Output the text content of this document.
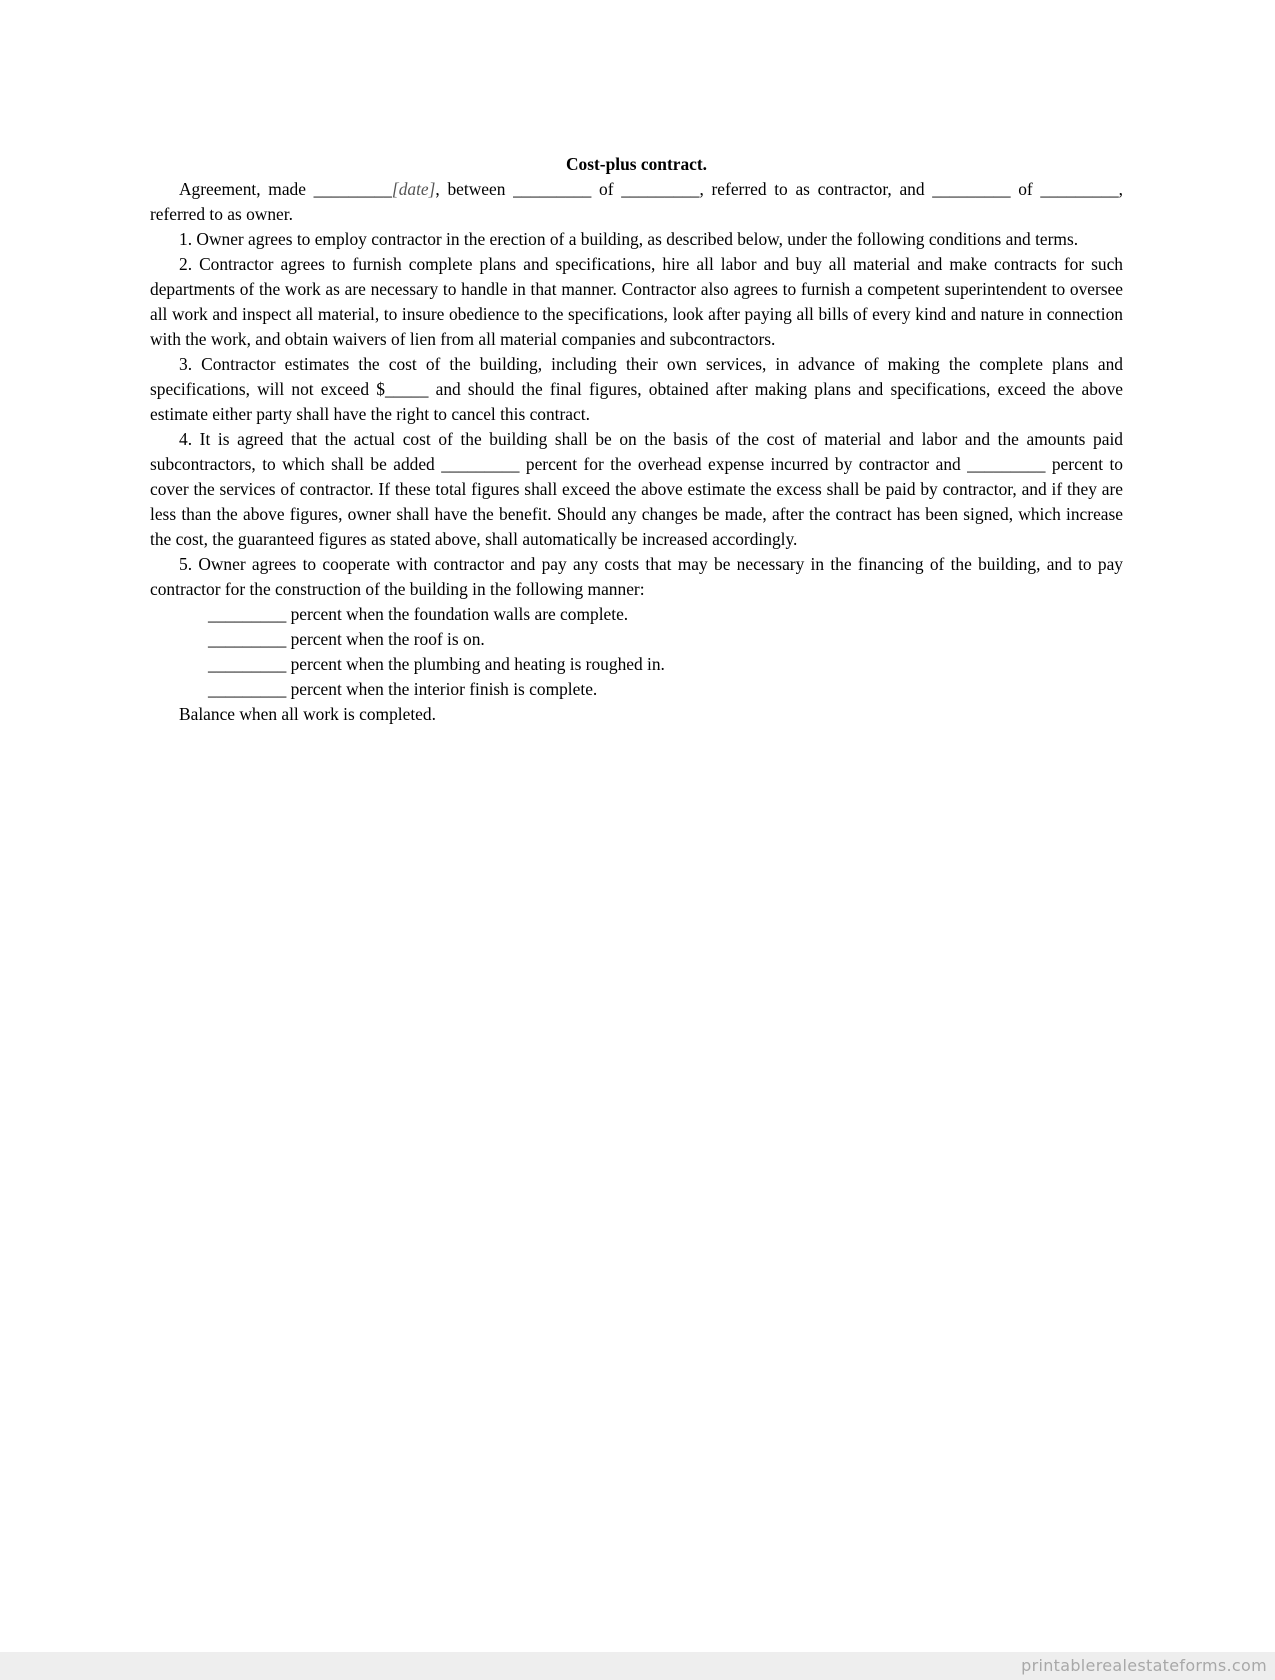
Cost-plus contract.

Agreement, made _________[date], between _________ of _________, referred to as contractor, and _________ of _________, referred to as owner.

1. Owner agrees to employ contractor in the erection of a building, as described below, under the following conditions and terms.

2. Contractor agrees to furnish complete plans and specifications, hire all labor and buy all material and make contracts for such departments of the work as are necessary to handle in that manner. Contractor also agrees to furnish a competent superintendent to oversee all work and inspect all material, to insure obedience to the specifications, look after paying all bills of every kind and nature in connection with the work, and obtain waivers of lien from all material companies and subcontractors.

3. Contractor estimates the cost of the building, including their own services, in advance of making the complete plans and specifications, will not exceed $_____ and should the final figures, obtained after making plans and specifications, exceed the above estimate either party shall have the right to cancel this contract.

4. It is agreed that the actual cost of the building shall be on the basis of the cost of material and labor and the amounts paid subcontractors, to which shall be added _________ percent for the overhead expense incurred by contractor and _________ percent to cover the services of contractor. If these total figures shall exceed the above estimate the excess shall be paid by contractor, and if they are less than the above figures, owner shall have the benefit. Should any changes be made, after the contract has been signed, which increase the cost, the guaranteed figures as stated above, shall automatically be increased accordingly.

5. Owner agrees to cooperate with contractor and pay any costs that may be necessary in the financing of the building, and to pay contractor for the construction of the building in the following manner:

_________ percent when the foundation walls are complete.

_________ percent when the roof is on.

_________ percent when the plumbing and heating is roughed in.

_________ percent when the interior finish is complete.

Balance when all work is completed.

printablerealestateforms.com
